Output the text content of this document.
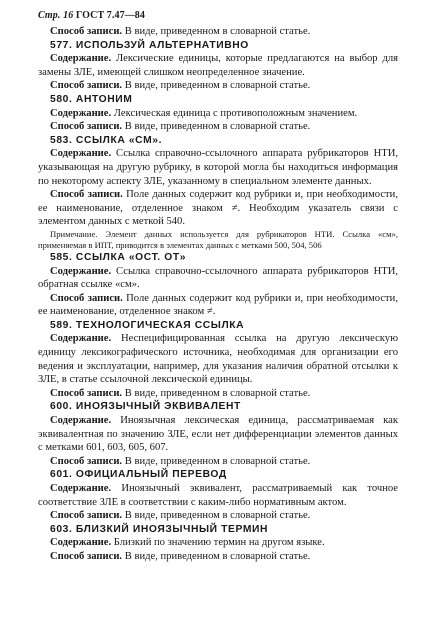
Стр. 16 ГОСТ 7.47—84

Способ записи. В виде, приведенном в словарной статье.

577. ИСПОЛЬЗУЙ АЛЬТЕРНАТИВНО

Содержание. Лексические единицы, которые предлагаются на выбор для замены ЗЛЕ, имеющей слишком неопределенное значение.

Способ записи. В виде, приведенном в словарной статье.

580. АНТОНИМ

Содержание. Лексическая единица с противоположным значением.

Способ записи. В виде, приведенном в словарной статье.

583. ССЫЛКА «СМ».

Содержание. Ссылка справочно-ссылочного аппарата рубрикаторов НТИ, указывающая на другую рубрику, в которой могла бы находиться информация по некоторому аспекту ЗЛЕ, указанному в специальном элементе данных.

Способ записи. Поле данных содержит код рубрики и, при необходимости, ее наименование, отделенное знаком ≠. Необходим указатель связи с элементом данных с меткой 540.

Примечание. Элемент данных используется для рубрикаторов НТИ. Ссылка «см», применяемая в ИПТ, приводится в элементах данных с метками 500, 504, 506

585. ССЫЛКА «ОСТ. ОТ»

Содержание. Ссылка справочно-ссылочного аппарата рубрикаторов НТИ, обратная ссылке «см».

Способ записи. Поле данных содержит код рубрики и, при необходимости, ее наименование, отделенное знаком ≠.

589. ТЕХНОЛОГИЧЕСКАЯ ССЫЛКА

Содержание. Неспецифицированная ссылка на другую лексическую единицу лексикографического источника, необходимая для организации его ведения и эксплуатации, например, для указания наличия обратной отсылки к ЗЛЕ, в статье ссылочной лексической единицы.

Способ записи. В виде, приведенном в словарной статье.

600. ИНОЯЗЫЧНЫЙ ЭКВИВАЛЕНТ

Содержание. Иноязычная лексическая единица, рассматриваемая как эквивалентная по значению ЗЛЕ, если нет дифференциации элементов данных с метками 601, 603, 605, 607.

Способ записи. В виде, приведенном в словарной статье.

601. ОФИЦИАЛЬНЫЙ ПЕРЕВОД

Содержание. Иноязычный эквивалент, рассматриваемый как точное соответствие ЗЛЕ в соответствии с каким-либо нормативным актом.

Способ записи. В виде, приведенном в словарной статье.

603. БЛИЗКИЙ ИНОЯЗЫЧНЫЙ ТЕРМИН

Содержание. Близкий по значению термин на другом языке.

Способ записи. В виде, приведенном в словарной статье.
